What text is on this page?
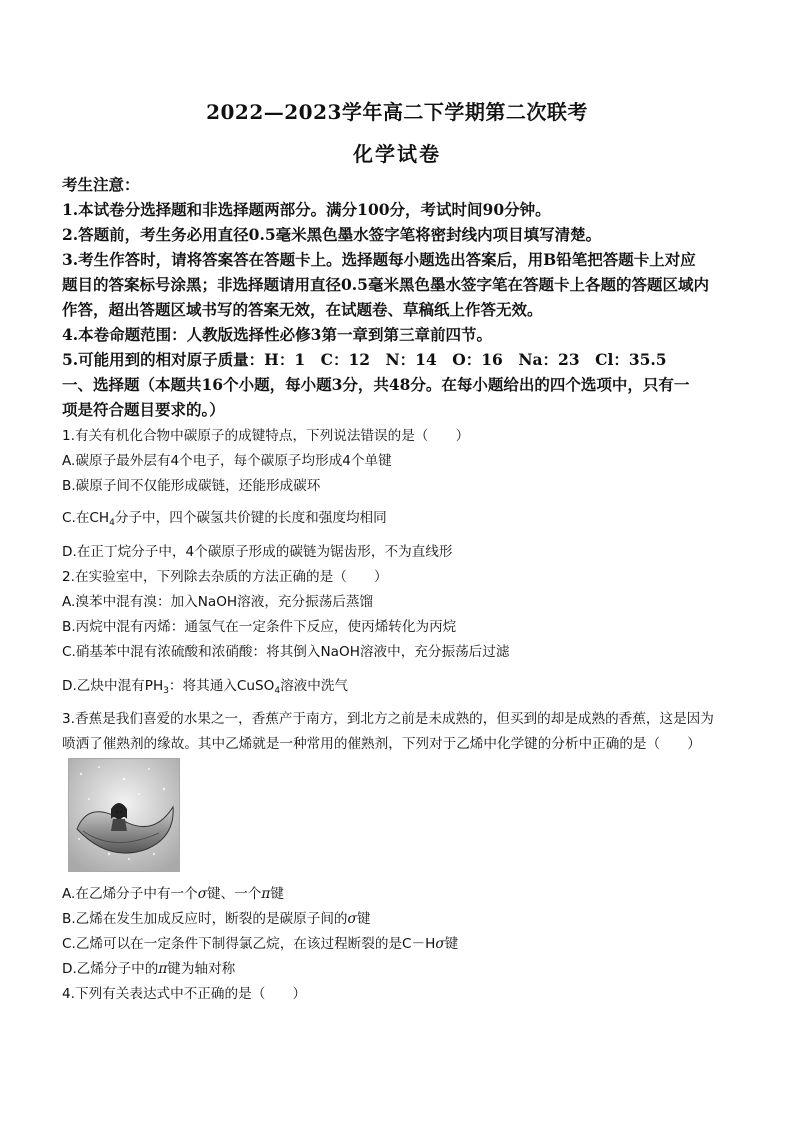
2022—2023学年高二下学期第二次联考
化学试卷
考生注意：
1.本试卷分选择题和非选择题两部分。满分100分，考试时间90分钟。
2.答题前，考生务必用直径0.5毫米黑色墨水签字笔将密封线内项目填写清楚。
3.考生作答时，请将答案答在答题卡上。选择题每小题选出答案后，用B铅笔把答题卡上对应
题目的答案标号涂黑；非选择题请用直径0.5毫米黑色墨水签字笔在答题卡上各题的答题区域内
作答，超出答题区域书写的答案无效，在试题卷、草稿纸上作答无效。
4.本卷命题范围：人教版选择性必修3第一章到第三章前四节。
5.可能用到的相对原子质量：H：1　C：12　N：14　O：16　Na：23　Cl：35.5
一、选择题（本题共16个小题，每小题3分，共48分。在每小题给出的四个选项中，只有一
项是符合题目要求的。）
1.有关有机化合物中碳原子的成键特点，下列说法错误的是（　　）
A.碳原子最外层有4个电子，每个碳原子均形成4个单键
B.碳原子间不仅能形成碳链，还能形成碳环
C.在$CH_4$分子中，四个碳氢共价键的长度和强度均相同
D.在正丁烷分子中，4个碳原子形成的碳链为锯齿形，不为直线形
2.在实验室中，下列除去杂质的方法正确的是（　　）
A.溴苯中混有溴：加入NaOH溶液，充分振荡后蒸馏
B.丙烷中混有丙烯：通氢气在一定条件下反应，使丙烯转化为丙烷
C.硝基苯中混有浓硫酸和浓硝酸：将其倒入NaOH溶液中，充分振荡后过滤
D.乙炔中混有$PH_3$：将其通入CuSO$_4$溶液中洗气
3.香蕉是我们喜爱的水果之一，香蕉产于南方，到北方之前是未成熟的，但买到的却是成熟的香蕉，这是因为
喷洒了催熟剂的缘故。其中乙烯就是一种常用的催熟剂，下列对于乙烯中化学键的分析中正确的是（　　）
A.在乙烯分子中有一个σ键、一个π键
B.乙烯在发生加成反应时，断裂的是碳原子间的σ键
C.乙烯可以在一定条件下制得氯乙烷，在该过程断裂的是C－Hσ键
D.乙烯分子中的π键为轴对称
4.下列有关表达式中不正确的是（　　）
